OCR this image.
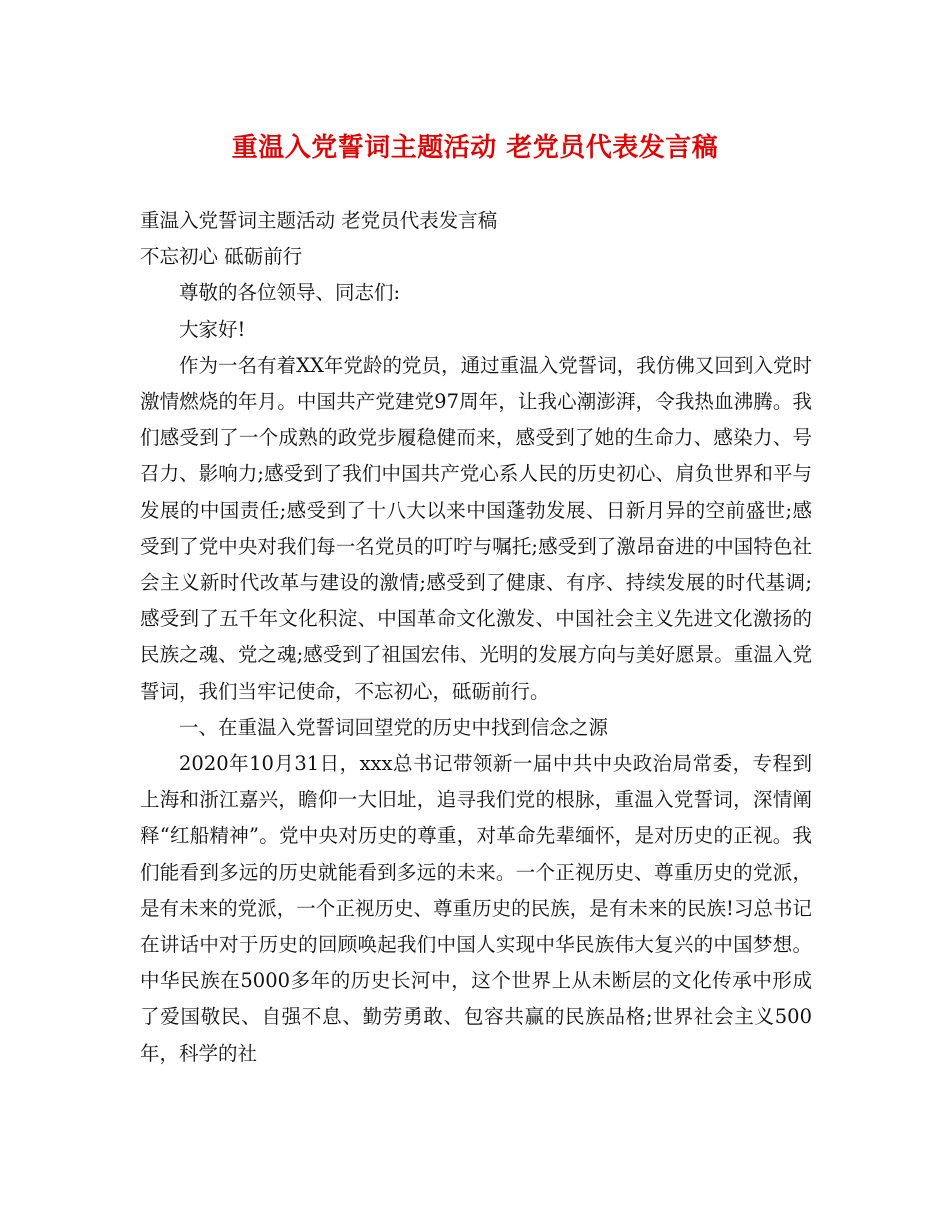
重温入党誓词主题活动 老党员代表发言稿

重温入党誓词主题活动 老党员代表发言稿

不忘初心 砥砺前行

尊敬的各位领导、同志们:

大家好!

作为一名有着XX年党龄的党员，通过重温入党誓词，我仿佛又回到入党时激情燃烧的年月。中国共产党建党97周年，让我心潮澎湃，令我热血沸腾。我们感受到了一个成熟的政党步履稳健而来，感受到了她的生命力、感染力、号召力、影响力;感受到了我们中国共产党心系人民的历史初心、肩负世界和平与发展的中国责任;感受到了十八大以来中国蓬勃发展、日新月异的空前盛世;感受到了党中央对我们每一名党员的叮咛与嘱托;感受到了激昂奋进的中国特色社会主义新时代改革与建设的激情;感受到了健康、有序、持续发展的时代基调;感受到了五千年文化积淀、中国革命文化激发、中国社会主义先进文化激扬的民族之魂、党之魂;感受到了祖国宏伟、光明的发展方向与美好愿景。重温入党誓词，我们当牢记使命，不忘初心，砥砺前行。

一、在重温入党誓词回望党的历史中找到信念之源

2020年10月31日，xxx总书记带领新一届中共中央政治局常委，专程到上海和浙江嘉兴，瞻仰一大旧址，追寻我们党的根脉，重温入党誓词，深情阐释“红船精神”。党中央对历史的尊重，对革命先辈缅怀，是对历史的正视。我们能看到多远的历史就能看到多远的未来。一个正视历史、尊重历史的党派，是有未来的党派，一个正视历史、尊重历史的民族，是有未来的民族!习总书记在讲话中对于历史的回顾唤起我们中国人实现中华民族伟大复兴的中国梦想。中华民族在5000多年的历史长河中，这个世界上从未断层的文化传承中形成了爱国敬民、自强不息、勤劳勇敢、包容共赢的民族品格;世界社会主义500年，科学的社
